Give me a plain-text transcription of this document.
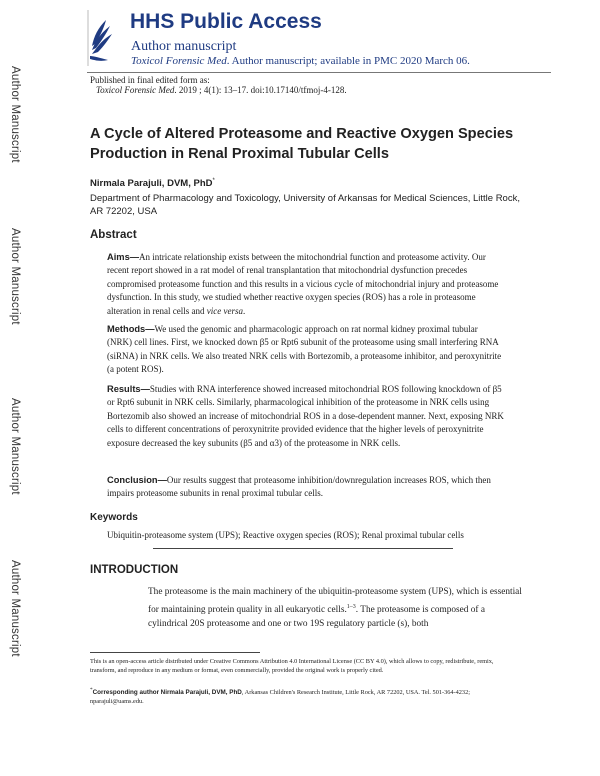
Author Manuscript
Author Manuscript
Author Manuscript
Author Manuscript
HHS Public Access
Author manuscript
Toxicol Forensic Med. Author manuscript; available in PMC 2020 March 06.
Published in final edited form as:
Toxicol Forensic Med. 2019 ; 4(1): 13–17. doi:10.17140/tfmoj-4-128.
A Cycle of Altered Proteasome and Reactive Oxygen Species Production in Renal Proximal Tubular Cells
Nirmala Parajuli, DVM, PhD*
Department of Pharmacology and Toxicology, University of Arkansas for Medical Sciences, Little Rock, AR 72202, USA
Abstract
Aims—An intricate relationship exists between the mitochondrial function and proteasome activity. Our recent report showed in a rat model of renal transplantation that mitochondrial dysfunction precedes compromised proteasome function and this results in a vicious cycle of mitochondrial injury and proteasome dysfunction. In this study, we studied whether reactive oxygen species (ROS) has a role in proteasome alteration in renal cells and vice versa.
Methods—We used the genomic and pharmacologic approach on rat normal kidney proximal tubular (NRK) cell lines. First, we knocked down β5 or Rpt6 subunit of the proteasome using small interfering RNA (siRNA) in NRK cells. We also treated NRK cells with Bortezomib, a proteasome inhibitor, and peroxynitrite (a potent ROS).
Results—Studies with RNA interference showed increased mitochondrial ROS following knockdown of β5 or Rpt6 subunit in NRK cells. Similarly, pharmacological inhibition of the proteasome in NRK cells using Bortezomib also showed an increase of mitochondrial ROS in a dose-dependent manner. Next, exposing NRK cells to different concentrations of peroxynitrite provided evidence that the higher levels of peroxynitrite exposure decreased the key subunits (β5 and α3) of the proteasome in NRK cells.
Conclusion—Our results suggest that proteasome inhibition/downregulation increases ROS, which then impairs proteasome subunits in renal proximal tubular cells.
Keywords
Ubiquitin-proteasome system (UPS); Reactive oxygen species (ROS); Renal proximal tubular cells
INTRODUCTION
The proteasome is the main machinery of the ubiquitin-proteasome system (UPS), which is essential for maintaining protein quality in all eukaryotic cells.$^{1-3}$. The proteasome is composed of a cylindrical 20S proteasome and one or two 19S regulatory particle (s), both
This is an open-access article distributed under Creative Commons Attribution 4.0 International License (CC BY 4.0), which allows to copy, redistribute, remix, transform, and reproduce in any medium or format, even commercially, provided the original work is properly cited.
*Corresponding author Nirmala Parajuli, DVM, PhD, Arkansas Children's Research Institute, Little Rock, AR 72202, USA. Tel. 501-364-4232; nparajuli@uams.edu.
